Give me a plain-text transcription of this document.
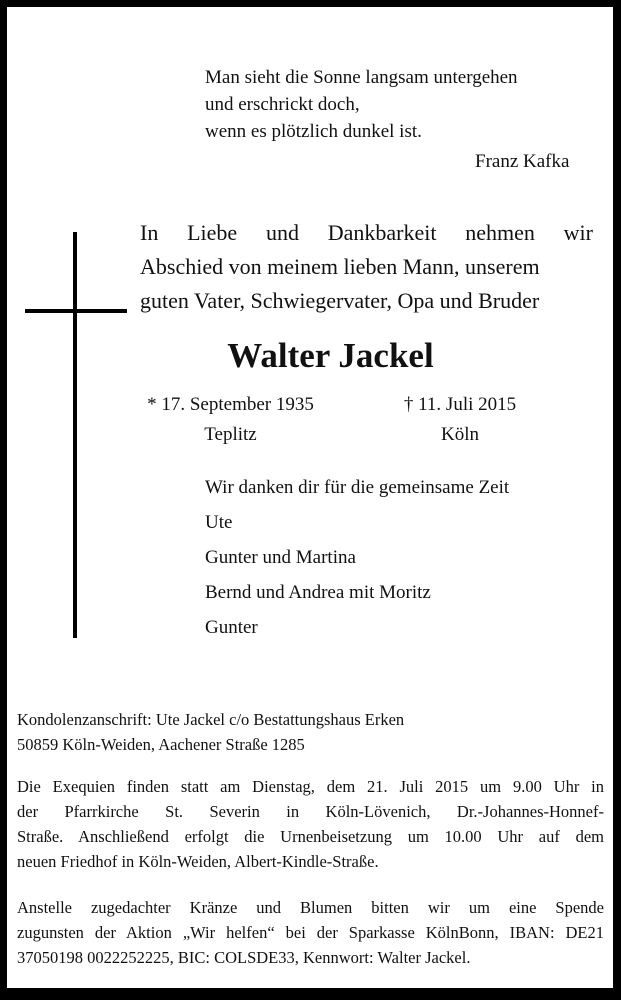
Man sieht die Sonne langsam untergehen
und erschrickt doch,
wenn es plötzlich dunkel ist.
Franz Kafka
In Liebe und Dankbarkeit nehmen wir
Abschied von meinem lieben Mann, unserem
guten Vater, Schwiegervater, Opa und Bruder
Walter Jackel
* 17. September 1935
Teplitz
† 11. Juli 2015
Köln
Wir danken dir für die gemeinsame Zeit
Ute
Gunter und Martina
Bernd und Andrea mit Moritz
Gunter
Kondolenzanschrift: Ute Jackel c/o Bestattungshaus Erken
50859 Köln-Weiden, Aachener Straße 1285
Die Exequien finden statt am Dienstag, dem 21. Juli 2015 um 9.00 Uhr in
der Pfarrkirche St. Severin in Köln-Lövenich, Dr.-Johannes-Honnef-
Straße. Anschließend erfolgt die Urnenbeisetzung um 10.00 Uhr auf dem
neuen Friedhof in Köln-Weiden, Albert-Kindle-Straße.
Anstelle zugedachter Kränze und Blumen bitten wir um eine Spende
zugunsten der Aktion „Wir helfen“ bei der Sparkasse KölnBonn, IBAN: DE21
37050198 0022252225, BIC: COLSDE33, Kennwort: Walter Jackel.
